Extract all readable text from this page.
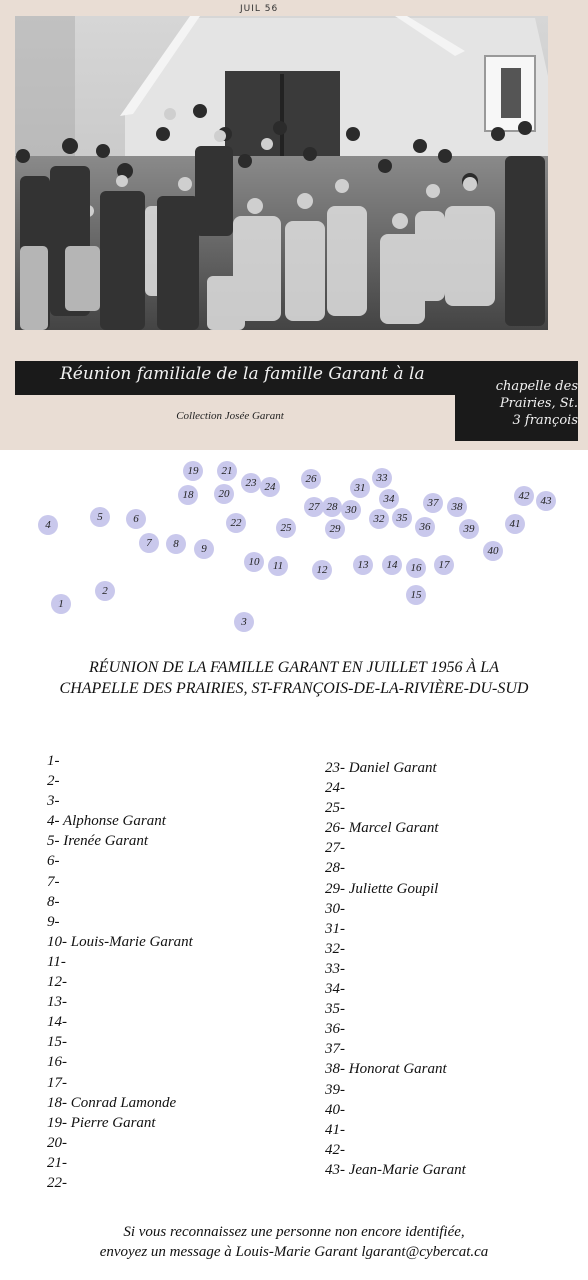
JUIL 56
Réunion familiale de la famille Garant à la
chapelle des
Prairies, St.
3 françois
Collection Josée Garant
1
2
3
4
5	6
7	8	9
10	11	12	13	14
15
16	17
18
19
20
21
22
23 24
25
26
27 28
29
30
31
32
33
34
35
36
37	38
39
40
41
42	43
RÉUNION DE LA FAMILLE GARANT EN JUILLET 1956 À LA
CHAPELLE DES PRAIRIES, ST-FRANÇOIS-DE-LA-RIVIÈRE-DU-SUD
1-
2-
3-
4- Alphonse Garant
5- Irenée Garant
6-
7-
8-
9-
10- Louis-Marie Garant
11-
12-
13-
14-
15-
16-
17-
18- Conrad Lamonde
19- Pierre Garant
20-
21-
22-
23- Daniel Garant
24-
25-
26- Marcel Garant
27-
28-
29- Juliette Goupil
30-
31-
32-
33-
34-
35-
36-
37-
38- Honorat Garant
39-
40-
41-
42-
43- Jean-Marie Garant
Si vous reconnaissez une personne non encore identifiée,
envoyez un message à Louis-Marie Garant lgarant@cybercat.ca
